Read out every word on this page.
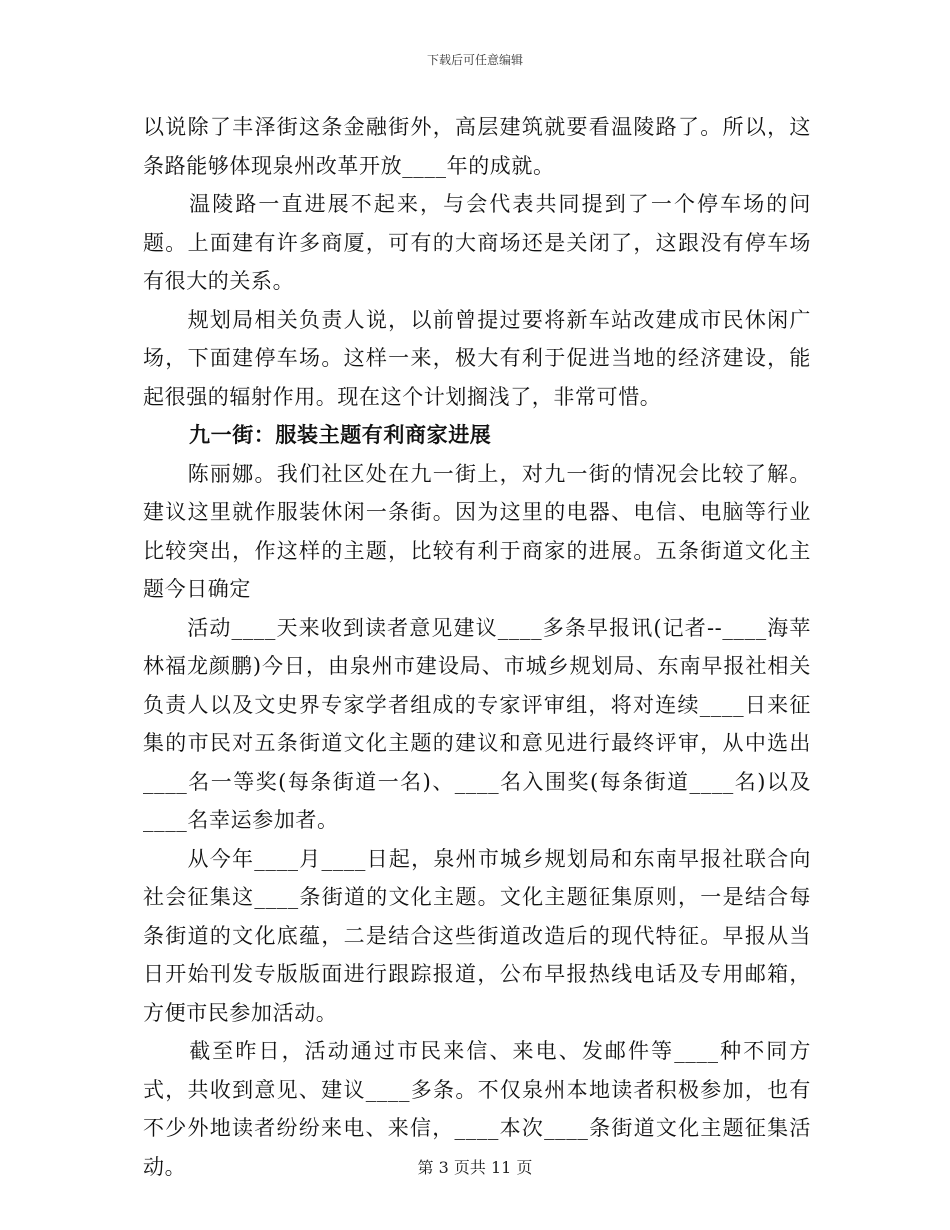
下载后可任意编辑

以说除了丰泽街这条金融街外，高层建筑就要看温陵路了。所以，这条路能够体现泉州改革开放____年的成就。

　　温陵路一直进展不起来，与会代表共同提到了一个停车场的问题。上面建有许多商厦，可有的大商场还是关闭了，这跟没有停车场有很大的关系。

　　规划局相关负责人说，以前曾提过要将新车站改建成市民休闲广场，下面建停车场。这样一来，极大有利于促进当地的经济建设，能起很强的辐射作用。现在这个计划搁浅了，非常可惜。

九一街：服装主题有利商家进展

　　陈丽娜。我们社区处在九一街上，对九一街的情况会比较了解。建议这里就作服装休闲一条街。因为这里的电器、电信、电脑等行业比较突出，作这样的主题，比较有利于商家的进展。五条街道文化主题今日确定

　　活动____天来收到读者意见建议____多条早报讯(记者--____海苹林福龙颜鹏)今日，由泉州市建设局、市城乡规划局、东南早报社相关负责人以及文史界专家学者组成的专家评审组，将对连续____日来征集的市民对五条街道文化主题的建议和意见进行最终评审，从中选出____名一等奖(每条街道一名)、____名入围奖(每条街道____名)以及____名幸运参加者。

　　从今年____月____日起，泉州市城乡规划局和东南早报社联合向社会征集这____条街道的文化主题。文化主题征集原则，一是结合每条街道的文化底蕴，二是结合这些街道改造后的现代特征。早报从当日开始刊发专版版面进行跟踪报道，公布早报热线电话及专用邮箱，方便市民参加活动。

　　截至昨日，活动通过市民来信、来电、发邮件等____种不同方式，共收到意见、建议____多条。不仅泉州本地读者积极参加，也有不少外地读者纷纷来电、来信，____本次____条街道文化主题征集活动。	第 3 页共 11 页
